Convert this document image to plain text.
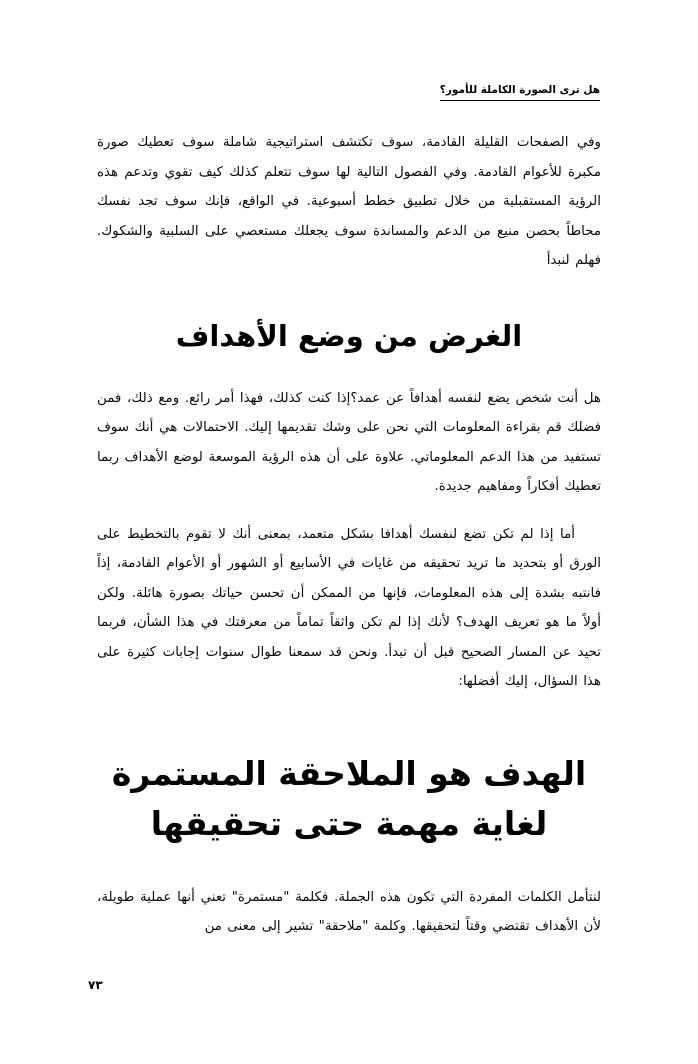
هل ترى الصورة الكاملة للأمور؟

وفي الصفحات القليلة القادمة، سوف تكتشف استراتيجية شاملة سوف تعطيك صورة مكبرة للأعوام القادمة. وفي الفصول التالية لها سوف تتعلم كذلك كيف تقوي وتدعم هذه الرؤية المستقبلية من خلال تطبيق خطط أسبوعية. في الواقع، فإنك سوف تجد نفسك محاطاً بحصن منيع من الدعم والمساندة سوف يجعلك مستعصي على السلبية والشكوك. فهلم لنبدأ

الغرض من وضع الأهداف

هل أنت شخص يضع لنفسه أهدافاً عن عمد؟إذا كنت كذلك، فهذا أمر رائع. ومع ذلك، فمن فضلك قم بقراءة المعلومات التي نحن على وشك تقديمها إليك. الاحتمالات هي أنك سوف تستفيد من هذا الدعم المعلوماتي. علاوة على أن هذه الرؤية الموسعة لوضع الأهداف ربما تعطيك أفكاراً ومفاهيم جديدة.

أما إذا لم تكن تضع لنفسك أهدافا بشكل متعمد، بمعنى أنك لا تقوم بالتخطيط على الورق أو بتحديد ما تريد تحقيقه من غايات في الأسابيع أو الشهور أو الأعوام القادمة، إذاً فانتبه بشدة إلى هذه المعلومات، فإنها من الممكن أن تحسن حياتك بصورة هائلة. ولكن أولاً ما هو تعريف الهدف؟ لأنك إذا لم تكن واثقاً تماماً من معرفتك في هذا الشأن، فربما تحيد عن المسار الصحيح قبل أن تبدأ. ونحن قد سمعنا طوال سنوات إجابات كثيرة على هذا السؤال، إليك أفضلها:

الهدف هو الملاحقة المستمرة
لغاية مهمة حتى تحقيقها

لنتأمل الكلمات المفردة التي تكون هذه الجملة. فكلمة "مستمرة" تعني أنها عملية طويلة، لأن الأهداف تقتضي وقتاً لتحقيقها. وكلمة "ملاحقة" تشير إلى معنى من

٧٣
